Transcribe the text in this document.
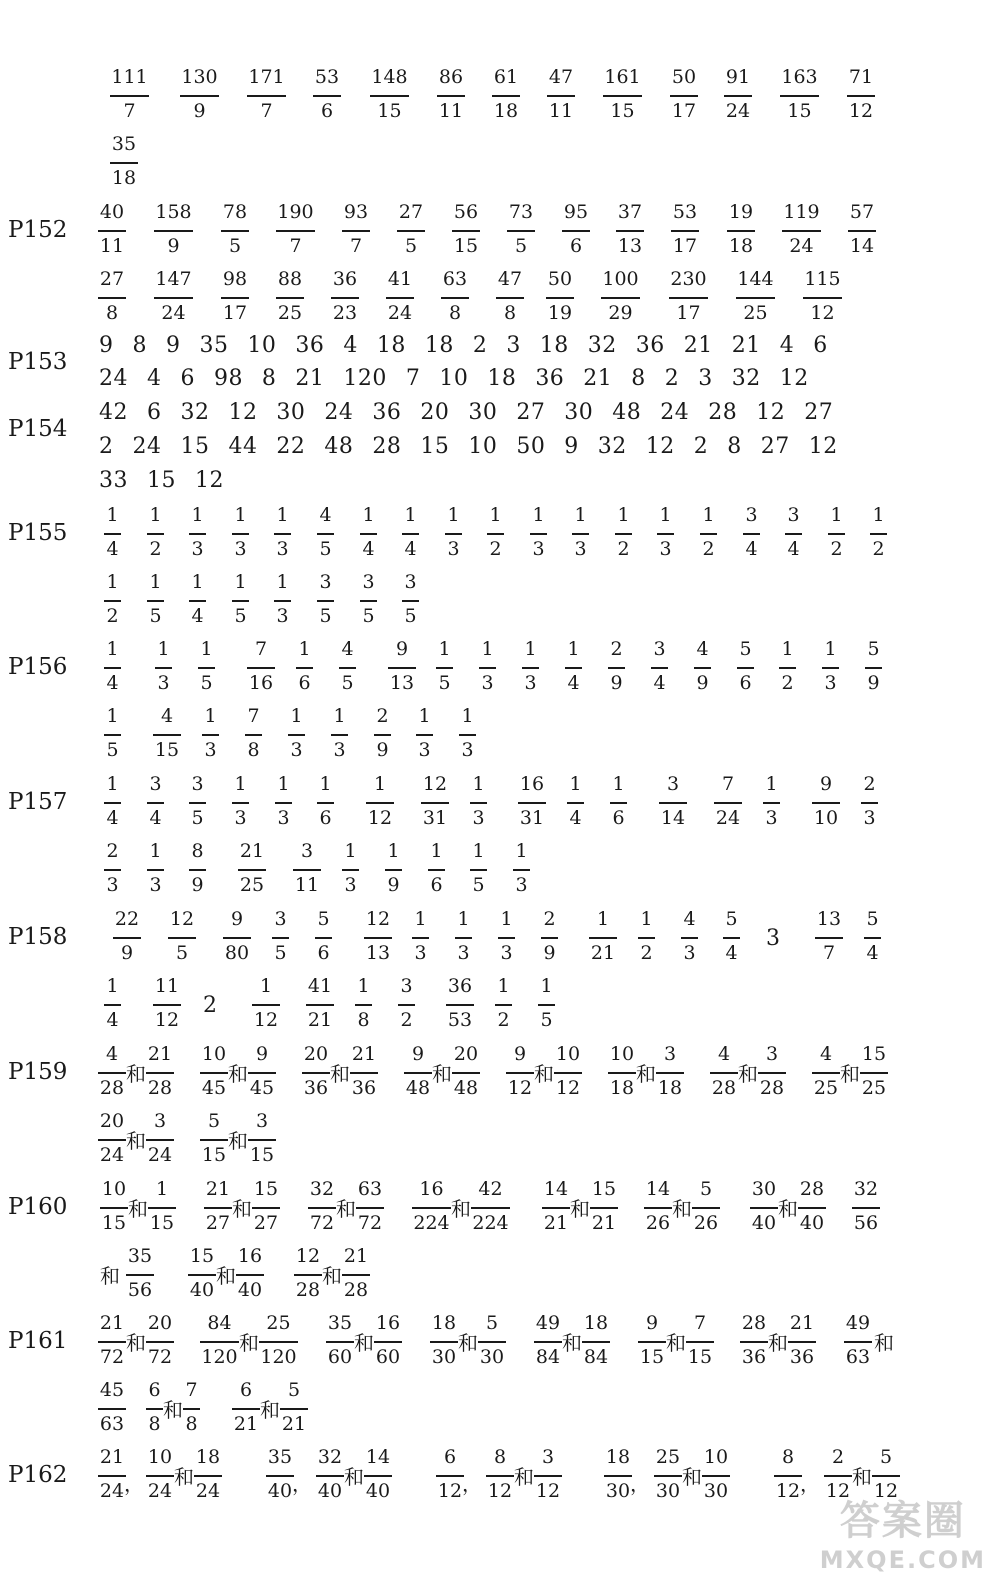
111
7
130
9
171
7
53
6
148
15
86
11
61
18
47
11
161
15
50
17
91
24
163
15
71
12
35
18
P152
40
11
158
9
78
5
190
7
93
7
27
5
56
15
73
5
95
6
37
13
53
17
19
18
119
24
57
14
27
8
147
24
98
17
88
25
36
23
41
24
63
8
47
8
50
19
100
29
230
17
144
25
115
12
P153
9  8  9  35  10  36  4  18  18  2  3  18  32  36  21  21  4  6
24  4  6  98  8  21  120  7  10  18  36  21  8  2  3  32  12
P154
42  6  32  12  30  24  36  20  30  27  30  48  24  28  12  27
2  24  15  44  22  48  28  15  10  50  9  32  12  2  8  27  12
33  15  12
P155
1
4
1
2
1
3
1
3
1
3
4
5
1
4
1
4
1
3
1
2
1
3
1
3
1
2
1
3
1
2
3
4
3
4
1
2
1
2
1
2
1
5
1
4
1
5
1
3
3
5
3
5
3
5
P156
1
4
1
3
1
5
7
16
1
6
4
5
9
13
1
5
1
3
1
3
1
4
2
9
3
4
4
9
5
6
1
2
1
3
5
9
1
5
4
15
1
3
7
8
1
3
1
3
2
9
1
3
1
3
P157
1
4
3
4
3
5
1
3
1
3
1
6
1
12
12
31
1
3
16
31
1
4
1
6
3
14
7
24
1
3
9
10
2
3
2
3
1
3
8
9
21
25
3
11
1
3
1
9
1
6
1
5
1
3
P158
22
9
12
5
9
80
3
5
5
6
12
13
1
3
1
3
1
3
2
9
1
21
1
2
4
3
5
4
3
13
7
5
4
1
4
11
12
2
1
12
41
21
1
8
3
2
36
53
1
2
1
5
P159
4
28
和
21
28
10
45
和
9
45
20
36
和
21
36
9
48
和
20
48
9
12
和
10
12
10
18
和
3
18
4
28
和
3
28
4
25
和
15
25
20
24
和
3
24
5
15
和
3
15
P160
10
15
和
1
15
21
27
和
15
27
32
72
和
63
72
16
224
和
42
224
14
21
和
15
21
14
26
和
5
26
30
40
和
28
40
32
56
和
35
56
15
40
和
16
40
12
28
和
21
28
P161
21
72
和
20
72
84
120
和
25
120
35
60
和
16
60
18
30
和
5
30
49
84
和
18
84
9
15
和
7
15
28
36
和
21
36
49
63
和
45
63
6
8
和
7
8
6
21
和
5
21
P162
21
24 ，
10
24
和
18
24
35
40 ，
32
40
和
14
40
6
12 ，
8
12
和
3
12
18
30 ，
25
30
和
10
30
8
12 ，
2
12
和
5
12
答案圈
MXQE.COM
